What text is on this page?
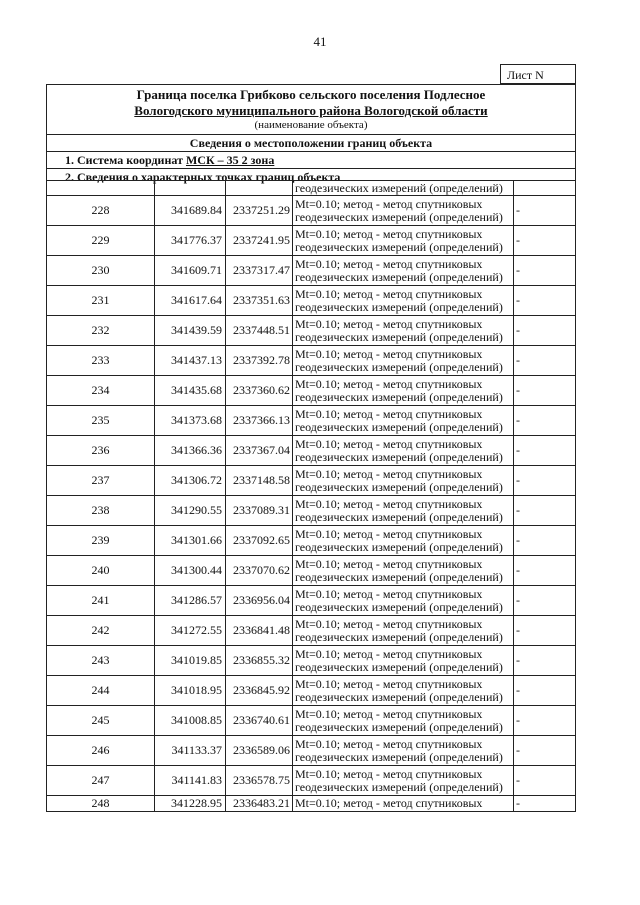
41
Лист N
Граница поселка Грибково сельского поселения Подлесное
Вологодского муниципального района Вологодской области
(наименование объекта)
Сведения о местоположении границ объекта
1. Система координат МСК – 35 2 зона
2. Сведения о характерных точках границ объекта
			геодезических измерений (определений)	
228	341689.84	2337251.29	Mt=0.10; метод - метод спутниковых
геодезических измерений (определений)	-
229	341776.37	2337241.95	Mt=0.10; метод - метод спутниковых
геодезических измерений (определений)	-
230	341609.71	2337317.47	Mt=0.10; метод - метод спутниковых
геодезических измерений (определений)	-
231	341617.64	2337351.63	Mt=0.10; метод - метод спутниковых
геодезических измерений (определений)	-
232	341439.59	2337448.51	Mt=0.10; метод - метод спутниковых
геодезических измерений (определений)	-
233	341437.13	2337392.78	Mt=0.10; метод - метод спутниковых
геодезических измерений (определений)	-
234	341435.68	2337360.62	Mt=0.10; метод - метод спутниковых
геодезических измерений (определений)	-
235	341373.68	2337366.13	Mt=0.10; метод - метод спутниковых
геодезических измерений (определений)	-
236	341366.36	2337367.04	Mt=0.10; метод - метод спутниковых
геодезических измерений (определений)	-
237	341306.72	2337148.58	Mt=0.10; метод - метод спутниковых
геодезических измерений (определений)	-
238	341290.55	2337089.31	Mt=0.10; метод - метод спутниковых
геодезических измерений (определений)	-
239	341301.66	2337092.65	Mt=0.10; метод - метод спутниковых
геодезических измерений (определений)	-
240	341300.44	2337070.62	Mt=0.10; метод - метод спутниковых
геодезических измерений (определений)	-
241	341286.57	2336956.04	Mt=0.10; метод - метод спутниковых
геодезических измерений (определений)	-
242	341272.55	2336841.48	Mt=0.10; метод - метод спутниковых
геодезических измерений (определений)	-
243	341019.85	2336855.32	Mt=0.10; метод - метод спутниковых
геодезических измерений (определений)	-
244	341018.95	2336845.92	Mt=0.10; метод - метод спутниковых
геодезических измерений (определений)	-
245	341008.85	2336740.61	Mt=0.10; метод - метод спутниковых
геодезических измерений (определений)	-
246	341133.37	2336589.06	Mt=0.10; метод - метод спутниковых
геодезических измерений (определений)	-
247	341141.83	2336578.75	Mt=0.10; метод - метод спутниковых
геодезических измерений (определений)	-
248	341228.95	2336483.21	Mt=0.10; метод - метод спутниковых	-
